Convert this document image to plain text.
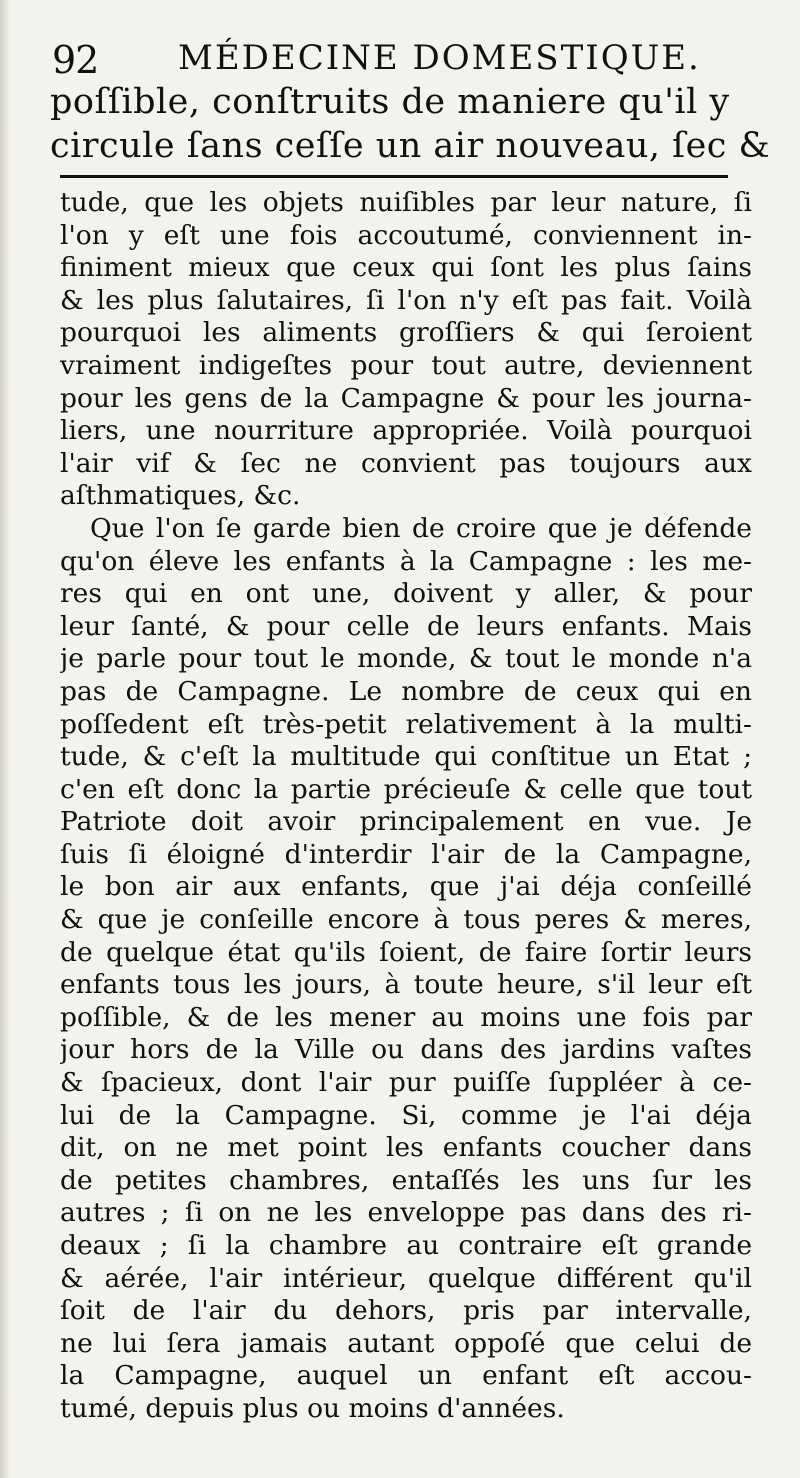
92 MÉDECINE DOMESTIQUE.
poſſible, conſtruits de maniere qu'il y
circule ſans ceſſe un air nouveau, ſec &
tude, que les objets nuiſibles par leur nature, ſi
l'on y eſt une fois accoutumé, conviennent in-
finiment mieux que ceux qui ſont les plus ſains
& les plus ſalutaires, ſi l'on n'y eſt pas fait. Voilà
pourquoi les aliments groſſiers & qui ſeroient
vraiment indigeſtes pour tout autre, deviennent
pour les gens de la Campagne & pour les journa-
liers, une nourriture appropriée. Voilà pourquoi
l'air vif & ſec ne convient pas toujours aux
aſthmatiques, &c.
Que l'on ſe garde bien de croire que je défende
qu'on éleve les enfants à la Campagne : les me-
res qui en ont une, doivent y aller, & pour
leur ſanté, & pour celle de leurs enfants. Mais
je parle pour tout le monde, & tout le monde n'a
pas de Campagne. Le nombre de ceux qui en
poſſedent eſt très-petit relativement à la multi-
tude, & c'eſt la multitude qui conſtitue un Etat ;
c'en eſt donc la partie précieuſe & celle que tout
Patriote doit avoir principalement en vue. Je
ſuis ſi éloigné d'interdir l'air de la Campagne,
le bon air aux enfants, que j'ai déja conſeillé
& que je conſeille encore à tous peres & meres,
de quelque état qu'ils ſoient, de faire ſortir leurs
enfants tous les jours, à toute heure, s'il leur eſt
poſſible, & de les mener au moins une fois par
jour hors de la Ville ou dans des jardins vaſtes
& ſpacieux, dont l'air pur puiſſe ſuppléer à ce-
lui de la Campagne. Si, comme je l'ai déja
dit, on ne met point les enfants coucher dans
de petites chambres, entaſſés les uns ſur les
autres ; ſi on ne les enveloppe pas dans des ri-
deaux ; ſi la chambre au contraire eſt grande
& aérée, l'air intérieur, quelque différent qu'il
ſoit de l'air du dehors, pris par intervalle,
ne lui ſera jamais autant oppoſé que celui de
la Campagne, auquel un enfant eſt accou-
tumé, depuis plus ou moins d'années.
